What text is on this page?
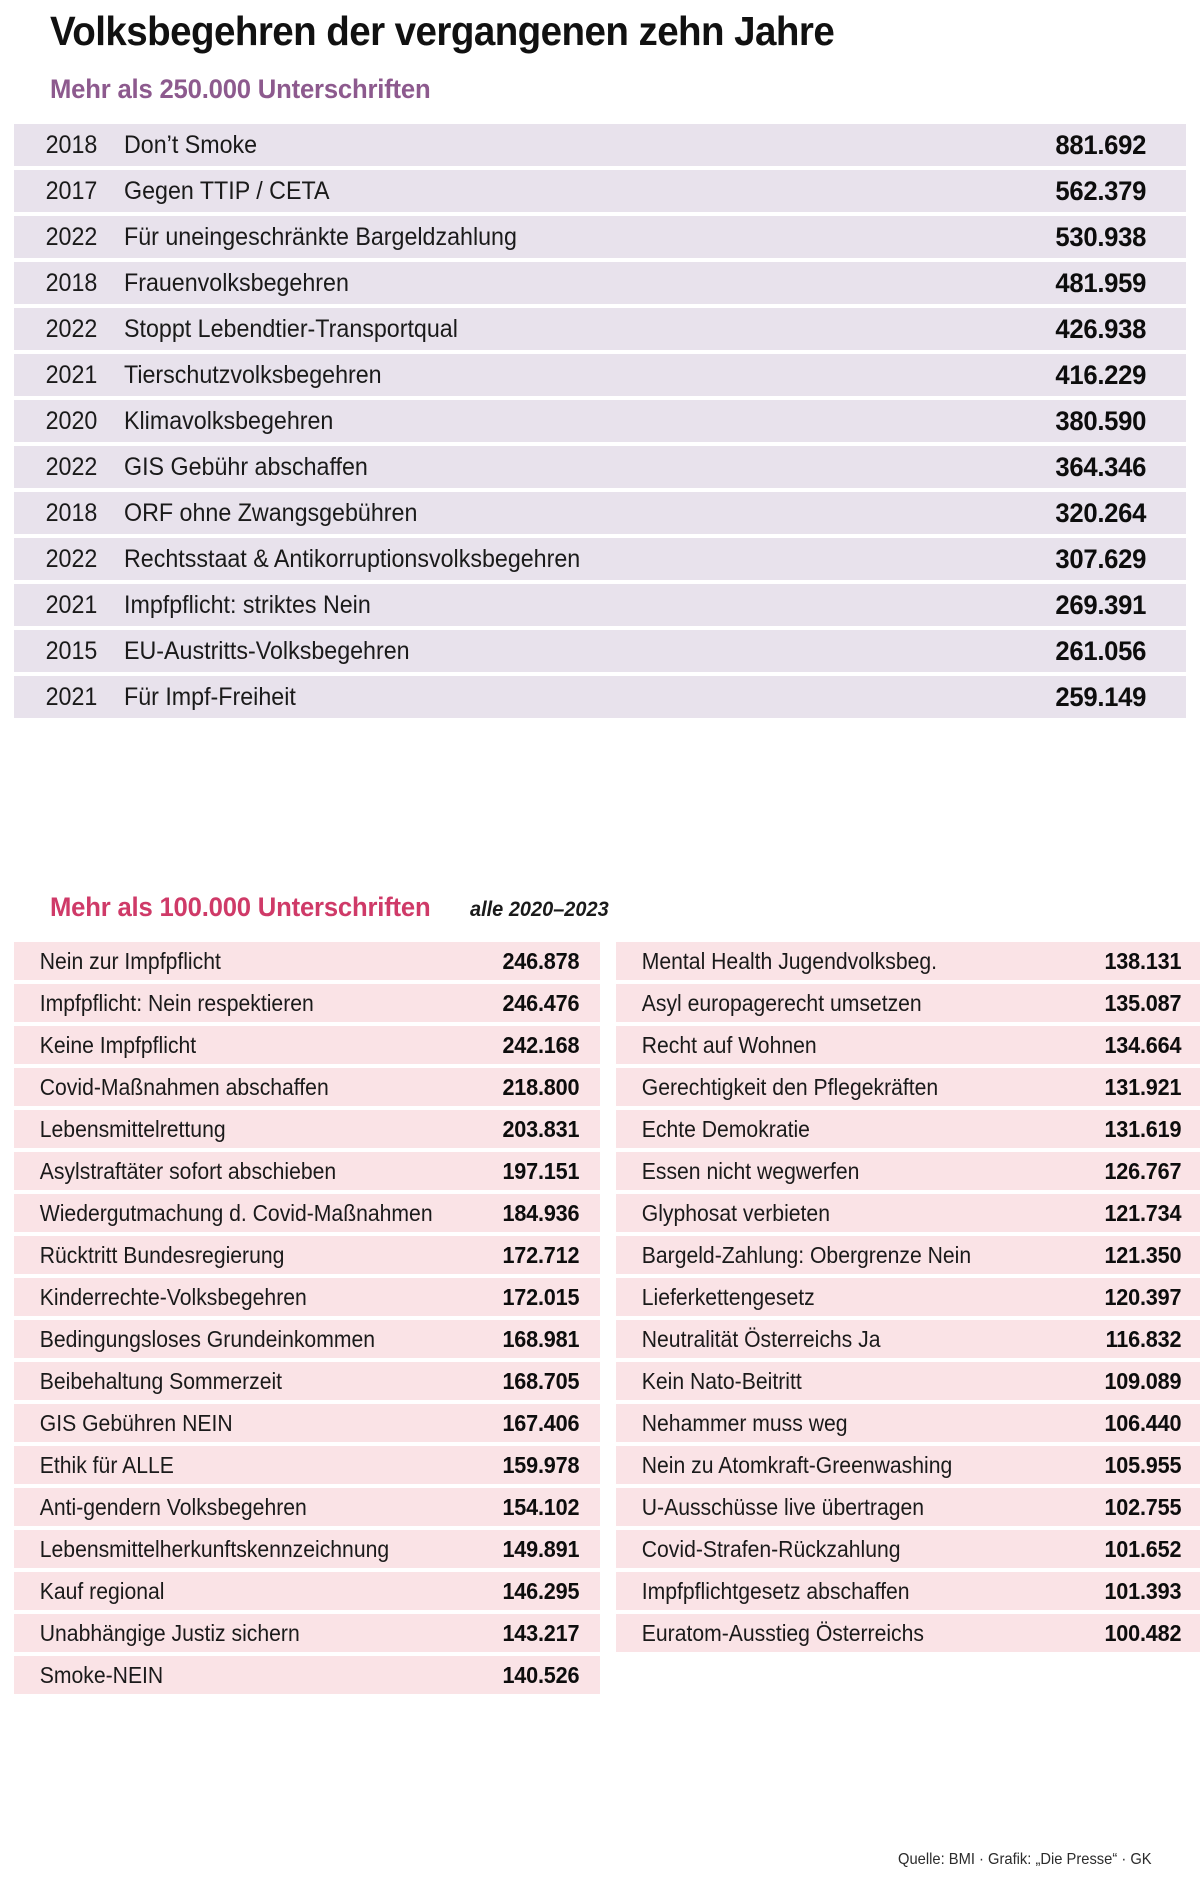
Volksbegehren der vergangenen zehn Jahre
Mehr als 250.000 Unterschriften
2018	Don’t Smoke	881.692
2017	Gegen TTIP / CETA	562.379
2022	Für uneingeschränkte Bargeldzahlung	530.938
2018	Frauenvolksbegehren	481.959
2022	Stoppt Lebendtier-Transportqual	426.938
2021	Tierschutzvolksbegehren	416.229
2020	Klimavolksbegehren	380.590
2022	GIS Gebühr abschaffen	364.346
2018	ORF ohne Zwangsgebühren	320.264
2022	Rechtsstaat & Antikorruptionsvolksbegehren	307.629
2021	Impfpflicht: striktes Nein	269.391
2015	EU-Austritts-Volksbegehren	261.056
2021	Für Impf-Freiheit	259.149
Mehr als 100.000 Unterschriften alle 2020–2023
Nein zur Impfpflicht	246.878
Impfpflicht: Nein respektieren	246.476
Keine Impfpflicht	242.168
Covid-Maßnahmen abschaffen	218.800
Lebensmittelrettung	203.831
Asylstraftäter sofort abschieben	197.151
Wiedergutmachung d. Covid-Maßnahmen	184.936
Rücktritt Bundesregierung	172.712
Kinderrechte-Volksbegehren	172.015
Bedingungsloses Grundeinkommen	168.981
Beibehaltung Sommerzeit	168.705
GIS Gebühren NEIN	167.406
Ethik für ALLE	159.978
Anti-gendern Volksbegehren	154.102
Lebensmittelherkunftskennzeichnung	149.891
Kauf regional	146.295
Unabhängige Justiz sichern	143.217
Smoke-NEIN	140.526
Mental Health Jugendvolksbeg.	138.131
Asyl europagerecht umsetzen	135.087
Recht auf Wohnen	134.664
Gerechtigkeit den Pflegekräften	131.921
Echte Demokratie	131.619
Essen nicht wegwerfen	126.767
Glyphosat verbieten	121.734
Bargeld-Zahlung: Obergrenze Nein	121.350
Lieferkettengesetz	120.397
Neutralität Österreichs Ja	116.832
Kein Nato-Beitritt	109.089
Nehammer muss weg	106.440
Nein zu Atomkraft-Greenwashing	105.955
U-Ausschüsse live übertragen	102.755
Covid-Strafen-Rückzahlung	101.652
Impfpflichtgesetz abschaffen	101.393
Euratom-Ausstieg Österreichs	100.482
Quelle: BMI · Grafik: „Die Presse“ · GK
